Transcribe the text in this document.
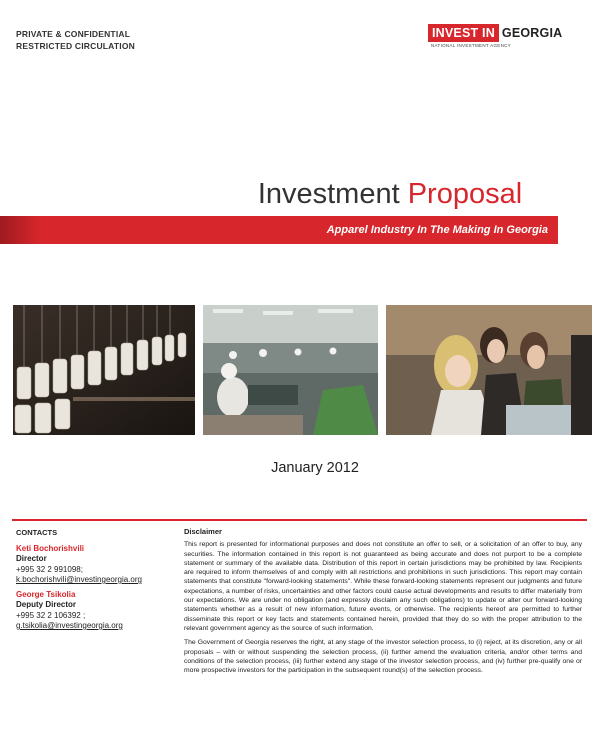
PRIVATE & CONFIDENTIAL
RESTRICTED CIRCULATION
INVEST IN GEORGIA
NATIONAL INVESTMENT AGENCY
Investment Proposal
Apparel Industry In The Making In Georgia
January 2012
CONTACTS
Keti Bochorishvili
Director
+995 32 2 991098;
k.bochorishvili@investingeorgia.org
George Tsikolia
Deputy Director
+995 32 2 106392 ;
g.tsikolia@investingeorgia.org
Disclaimer

This report is presented for informational purposes and does not constitute an offer to sell, or a solicitation of an offer to buy, any securities. The information contained in this report is not guaranteed as being accurate and does not purport to be a complete statement or summary of the available data. Distribution of this report in certain jurisdictions may be prohibited by law. Recipients are required to inform themselves of and comply with all restrictions and prohibitions in such jurisdictions. This report may contain statements that constitute "forward-looking statements". While these forward-looking statements represent our judgments and future expectations, a number of risks, uncertainties and other factors could cause actual developments and results to differ materially from our expectations. We are under no obligation (and expressly disclaim any such obligations) to update or alter our forward-looking statements whether as a result of new information, future events, or otherwise. The recipients hereof are permitted to further disseminate this report or key facts and statements contained herein, provided that they do so with the proper attribution to the relevant government agency as the source of such information.

The Government of Georgia reserves the right, at any stage of the investor selection process, to (i) reject, at its discretion, any or all proposals – with or without suspending the selection process, (ii) further amend the evaluation criteria, and/or other terms and conditions of the selection process, (iii) further extend any stage of the investor selection process, and (iv) further pre-qualify one or more prospective investors for the participation in the subsequent round(s) of the selection process.
